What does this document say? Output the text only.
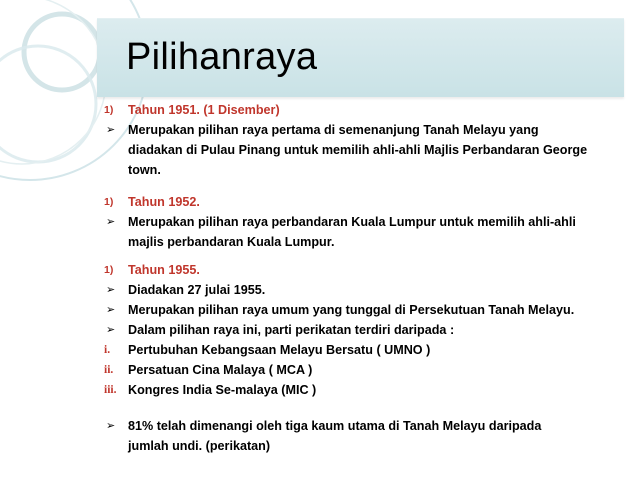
Pilihanraya
1) Tahun 1951. (1 Disember)
➢ Merupakan pilihan raya pertama di semenanjung Tanah Melayu yang
diadakan di Pulau Pinang untuk memilih ahli-ahli Majlis Perbandaran George
town.
1) Tahun 1952.
➢ Merupakan pilihan raya perbandaran Kuala Lumpur untuk memilih ahli-ahli
majlis perbandaran Kuala Lumpur.
1) Tahun 1955.
➢ Diadakan 27 julai 1955.
➢ Merupakan pilihan raya umum yang tunggal di Persekutuan Tanah Melayu.
➢ Dalam pilihan raya ini, parti perikatan terdiri daripada :
i. Pertubuhan Kebangsaan Melayu Bersatu ( UMNO )
ii. Persatuan Cina Malaya ( MCA )
iii. Kongres India Se-malaya (MIC )
➢ 81% telah dimenangi oleh tiga kaum utama di Tanah Melayu daripada
jumlah undi. (perikatan)
